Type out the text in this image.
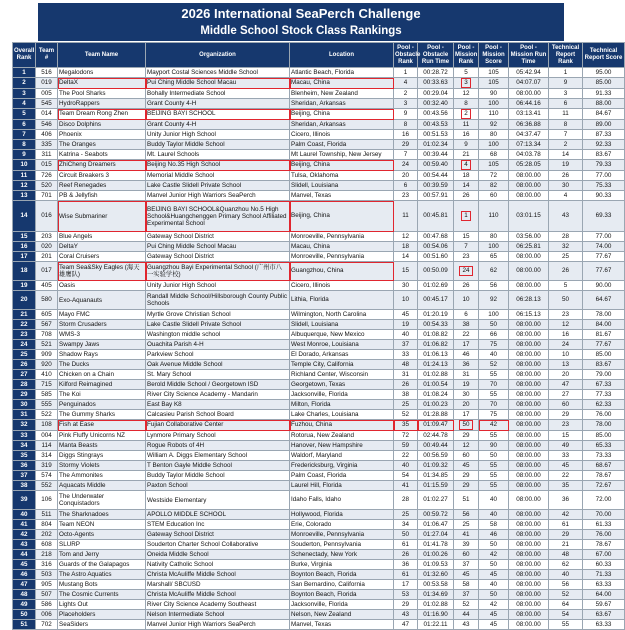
2026 International SeaPerch Challenge
Middle School Stock Class Rankings
Overall Rank	Team #	Team Name	Organization	Location	Pool - Obstacle Rank	Pool - Obstacle Run Time	Pool - Mission Rank	Pool - Mission Score	Pool - Mission Run Time	Technical Report Rank	Technical Report Score
1	516	Megalodons	Mayport Costal Sciences Middle School	Atlantic Beach, Florida	1	00:28.72	5	105	05:42.94	1	95.00
2	019	DeltaX	Pui Ching Middle School Macau	Macau, China	4	00:33.63	3	105	04:07.07	9	85.00
3	005	The Pool Sharks	Bohally Intermediate School	Blenheim, New Zealand	2	00:29.04	12	90	08:00.00	3	91.33
4	545	HydroRappers	Grant County 4-H	Sheridan, Arkansas	3	00:32.40	8	100	06:44.16	6	88.00
5	014	Team Dream Rong Zhen	BEIJING BAYI SCHOOL	Beijing, China	9	00:43.56	2	110	03:13.41	11	84.67
6	546	Disco Dolphins	Grant County 4-H	Sheridan, Arkansas	8	00:43.53	11	92	06:36.88	8	89.00
7	406	Phoenix	Unity Junior High School	Cicero, Illinois	16	00:51.53	16	80	04:37.47	7	87.33
8	335	The Oranges	Buddy Taylor Middle School	Palm Coast, Florida	29	01:02.34	9	100	07:13.34	2	92.33
9	311	Katrina - Seabots	Mt. Laurel Schools	Mt Laurel Township, New Jersey	7	00:39.44	21	68	04:03.78	14	83.67
10	015	ZhiCheng Dreamers	Beijing No.35 High School	Beijing, China	24	00:59.40	4	105	05:28.05	19	79.33
11	726	Circuit Breakers 3	Memorial Middle School	Tulsa, Oklahoma	20	00:54.44	18	72	08:00.00	26	77.00
12	520	Reef Renegades	Lake Castle Slidell Private School	Slidell, Louisiana	6	00:39.59	14	82	08:00.00	30	75.33
13	701	PB & Jellyfish	Manvel Junior High Warriors SeaPerch	Manvel, Texas	23	00:57.91	26	60	08:00.00	4	90.33
14	016	Wise Submariner	BEIJING BAYI SCHOOL&Quanzhou No.5 High School&Huangchenggen Primary School Affiliated Experimental School	Beijing, China	11	00:45.81	1	110	03:01.15	43	69.33
15	203	Blue Angels	Gateway School District	Monroeville, Pennsylvania	12	00:47.68	15	80	03:56.00	28	77.00
16	020	DeltaY	Pui Ching Middle School Macau	Macau, China	18	00:54.06	7	100	06:25.81	32	74.00
17	201	Coral Cruisers	Gateway School District	Monroeville, Pennsylvania	14	00:51.60	23	65	08:00.00	25	77.67
18	017	Team Sea&Sky Eagles (海天雄鹰队)	Guangzhou Bayi Experimental School (广州市八一实验学校)	Guangzhou, China	15	00:50.09	24	62	08:00.00	26	77.67
19	405	Oasis	Unity Junior High School	Cicero, Illinois	30	01:02.69	26	56	08:00.00	5	90.00
20	580	Exo-Aquanauts	Randall Middle School/Hillsborough County Public Schools	Lithia, Florida	10	00:45.17	10	92	06:28.13	50	64.67
21	605	Mayo FMC	Myrtle Grove Christian School	Wilmington, North Carolina	45	01:20.19	6	100	06:15.13	23	78.00
22	567	Storm Crusaders	Lake Castle Slidell Private School	Slidell, Louisiana	19	00:54.33	38	50	08:00.00	12	84.00
23	708	WMS-3	Washington middle school	Albuquerque, New Mexico	40	01:08.82	22	66	08:00.00	16	81.67
24	521	Swampy Jaws	Ouachita Parish 4-H	West Monroe, Louisiana	37	01:06.82	17	75	08:00.00	24	77.67
25	909	Shadow Rays	Parkview School	El Dorado, Arkansas	33	01:06.13	46	40	08:00.00	10	85.00
26	920	The Ducks	Oak Avenue Middle School	Temple City, California	48	01:24.13	36	52	08:00.00	13	83.67
27	410	Chicken on a Chain	St. Mary School	Richland Center, Wisconsin	31	01:02.88	31	55	08:00.00	20	79.00
28	715	Kilford Reimagined	Berold Middle School / Georgetown ISD	Georgetown, Texas	26	01:00.54	19	70	08:00.00	47	67.33
29	585	The Koi	River City Science Academy - Mandarin	Jacksonville, Florida	38	01:08.24	30	55	08:00.00	27	77.33
30	555	Penguinados	East Bay K8	Milton, Florida	25	01:00.23	20	70	08:00.00	60	62.33
31	522	The Gummy Sharks	Calcasieu Parish School Board	Lake Charles, Louisiana	52	01:28.88	17	75	08:00.00	29	76.00
32	108	Fish at Ease	Fujian Collaborative Center	Fuzhou, China	35	01:09.47	50	42	08:00.00	23	78.00
33	004	Pink Fluffy Unicorns NZ	Lynmore Primary School	Rotorua, New Zealand	72	02:44.78	29	55	08:00.00	15	85.00
34	114	Manta Beasts	Rogue Robots of 4H	Hanover, New Hampshire	59	00:49.44	12	90	08:00.00	49	65.33
35	314	Diggs Stingrays	William A. Diggs Elementary School	Waldorf, Maryland	22	00:56.59	60	50	08:00.00	33	73.33
36	319	Stormy Violets	T Benton Gayle Middle School	Fredericksburg, Virginia	40	01:09.32	45	55	08:00.00	45	68.67
37	574	The Ammonites	Buddy Taylor Middle School	Palm Coast, Florida	54	01:34.85	29	55	08:00.00	22	78.67
38	552	Aquacats Middle	Paxton School	Laurel Hill, Florida	41	01:15.59	29	55	08:00.00	35	72.67
39	106	The Underwater Conquistadors	Westside Elementary	Idaho Falls, Idaho	28	01:02.27	51	40	08:00.00	36	72.00
40	511	The Sharknadoes	APOLLO MIDDLE SCHOOL	Hollywood, Florida	25	00:59.72	56	40	08:00.00	42	70.00
41	804	Team NEON	STEM Education Inc	Erie, Colorado	34	01:06.47	25	58	08:00.00	61	61.33
42	202	Octo-Agents	Gateway School District	Monroeville, Pennsylvania	50	01:27.04	41	46	08:00.00	29	76.00
43	608	SLURP	Souderton Charter School Collaborative	Souderton, Pennsylvania	61	01:41.78	39	50	08:00.00	21	78.67
44	218	Tom and Jerry	Oneida Middle School	Schenectady, New York	26	01:00.26	60	42	08:00.00	48	67.00
45	316	Guards of the Galapagos	Nativity Catholic School	Burke, Virginia	36	01:09.53	37	50	08:00.00	62	60.33
46	503	The Astro Aquatics	Christa McAuliffe Middle School	Boynton Beach, Florida	61	01:32.60	45	45	08:00.00	40	71.33
47	905	Mustang Bots	Marshall/ SBCUSD	San Bernardino, California	17	00:53.58	58	40	08:00.00	56	63.33
48	507	The Cosmic Currents	Christa McAuliffe Middle School	Boynton Beach, Florida	53	01:34.69	37	50	08:00.00	52	64.00
49	586	Lights Out	River City Science Academy Southeast	Jacksonville, Florida	29	01:02.88	52	42	08:00.00	64	59.67
50	006	Placeholders	Nelson Intermediate School	Nelson, New Zealand	43	01:16.90	44	45	08:00.00	54	63.67
51	702	SeaSiders	Manvel Junior High Warriors SeaPerch	Manvel, Texas	47	01:22.11	43	45	08:00.00	55	63.33
